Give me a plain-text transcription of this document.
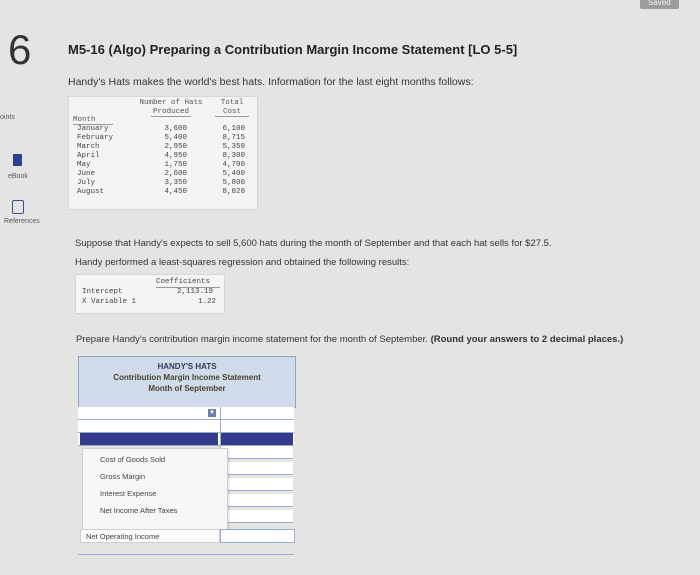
Saved
6	M5-16 (Algo) Preparing a Contribution Margin Income Statement [LO 5-5]
Handy's Hats makes the world's best hats. Information for the last eight months follows:
oints
eBook
References
Number of Hats
Produced
Total
Cost
Month
January	3,600	6,100
February	5,400	8,715
March	2,950	5,350
April	4,950	8,300
May	1,750	4,700
June	2,600	5,400
July	3,350	5,800
August	4,450	8,020
Suppose that Handy's expects to sell 5,600 hats during the month of September and that each hat sells for $27.5.
Handy performed a least-squares regression and obtained the following results:
Coefficients
Intercept	2,113.19
X Variable 1	1.22
Prepare Handy's contribution margin income statement for the month of September. (Round your answers to 2 decimal places.)
HANDY'S HATS
Contribution Margin Income Statement
Month of September
▼
Cost of Goods Sold
Gross Margin
Interest Expense
Net Income After Taxes
Net Operating Income
